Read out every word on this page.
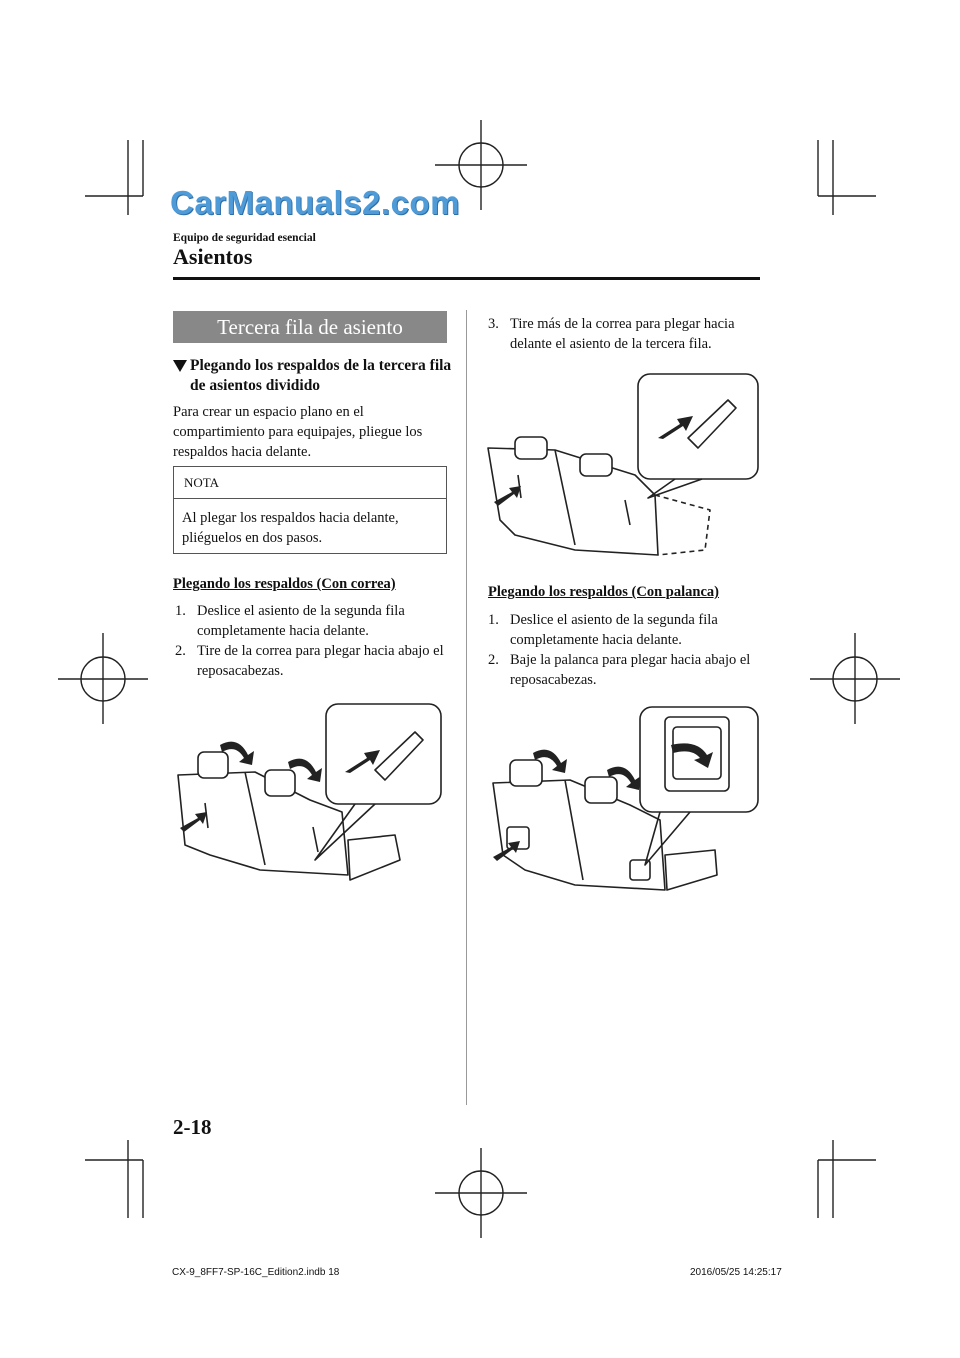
CarManuals2.com
Equipo de seguridad esencial
Asientos
Tercera fila de asiento
Plegando los respaldos de la tercera fila de asientos dividido
Para crear un espacio plano en el compartimiento para equipajes, pliegue los respaldos hacia delante.
NOTA
Al plegar los respaldos hacia delante, pliéguelos en dos pasos.
Plegando los respaldos (Con correa)
1. Deslice el asiento de la segunda fila completamente hacia delante.
2. Tire de la correa para plegar hacia abajo el reposacabezas.
3. Tire más de la correa para plegar hacia delante el asiento de la tercera fila.
Plegando los respaldos (Con palanca)
1. Deslice el asiento de la segunda fila completamente hacia delante.
2. Baje la palanca para plegar hacia abajo el reposacabezas.
2-18
CX-9_8FF7-SP-16C_Edition2.indb 18	2016/05/25 14:25:17
